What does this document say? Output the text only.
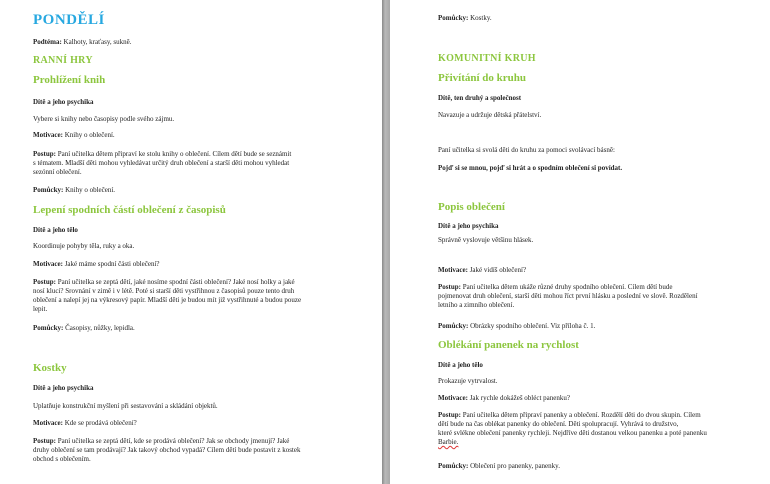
PONDĚLÍ
Podtéma: Kalhoty, kraťasy, sukně.
RANNÍ HRY
Prohlížení knih
Dítě a jeho psychika
Vybere si knihy nebo časopisy podle svého zájmu.
Motivace: Knihy o oblečení.
Postup: Paní učitelka dětem připraví ke stolu knihy o oblečení. Cílem dětí bude se seznámit
s tématem. Mladší děti mohou vyhledávat určitý druh oblečení a starší děti mohou vyhledat
sezónní oblečení.
Pomůcky: Knihy o oblečení.
Lepení spodních částí oblečení z časopisů
Dítě a jeho tělo
Koordinuje pohyby těla, ruky a oka.
Motivace: Jaké máme spodní části oblečení?
Postup: Paní učitelka se zeptá dětí, jaké nosíme spodní části oblečení? Jaké nosí holky a jaké
nosí kluci? Srovnání v zimě i v létě. Poté si starší děti vystřihnou z časopisů pouze tento druh
oblečení a nalepí jej na výkresový papír. Mladší děti je budou mít již vystřihnuté a budou pouze
lepit.
Pomůcky: Časopisy, nůžky, lepidla.
Kostky
Dítě a jeho psychika
Uplatňuje konstrukční myšlení při sestavování a skládání objektů.
Motivace: Kde se prodává oblečení?
Postup: Paní učitelka se zeptá dětí, kde se prodává oblečení? Jak se obchody jmenují? Jaké
druhy oblečení se tam prodávají? Jak takový obchod vypadá? Cílem dětí bude postavit z kostek
obchod s oblečením.
Pomůcky: Kostky.
KOMUNITNÍ KRUH
Přivítání do kruhu
Dítě, ten druhý a společnost
Navazuje a udržuje dětská přátelství.
Paní učitelka si svolá děti do kruhu za pomoci svolávací básně:
Pojď si se mnou, pojď si hrát a o spodním oblečení si povídat.
Popis oblečení
Dítě a jeho psychika
Správně vyslovuje většinu hlásek.
Motivace: Jaké vidíš oblečení?
Postup: Paní učitelka dětem ukáže různé druhy spodního oblečení. Cílem dětí bude
pojmenovat druh oblečení, starší děti mohou říct první hlásku a poslední ve slově. Rozdělení
letního a zimního oblečení.
Pomůcky: Obrázky spodního oblečení. Viz příloha č. 1.
Oblékání panenek na rychlost
Dítě a jeho tělo
Prokazuje vytrvalost.
Motivace: Jak rychle dokážeš obléct panenku?
Postup: Paní učitelka dětem připraví panenky a oblečení. Rozdělí děti do dvou skupin. Cílem
dětí bude na čas oblékat panenky do oblečení. Děti spolupracují. Vyhrává to družstvo,
které svlékne oblečení panenky rychleji. Nejdříve děti dostanou velkou panenku a poté panenku
Barbie.
Pomůcky: Oblečení pro panenky, panenky.
